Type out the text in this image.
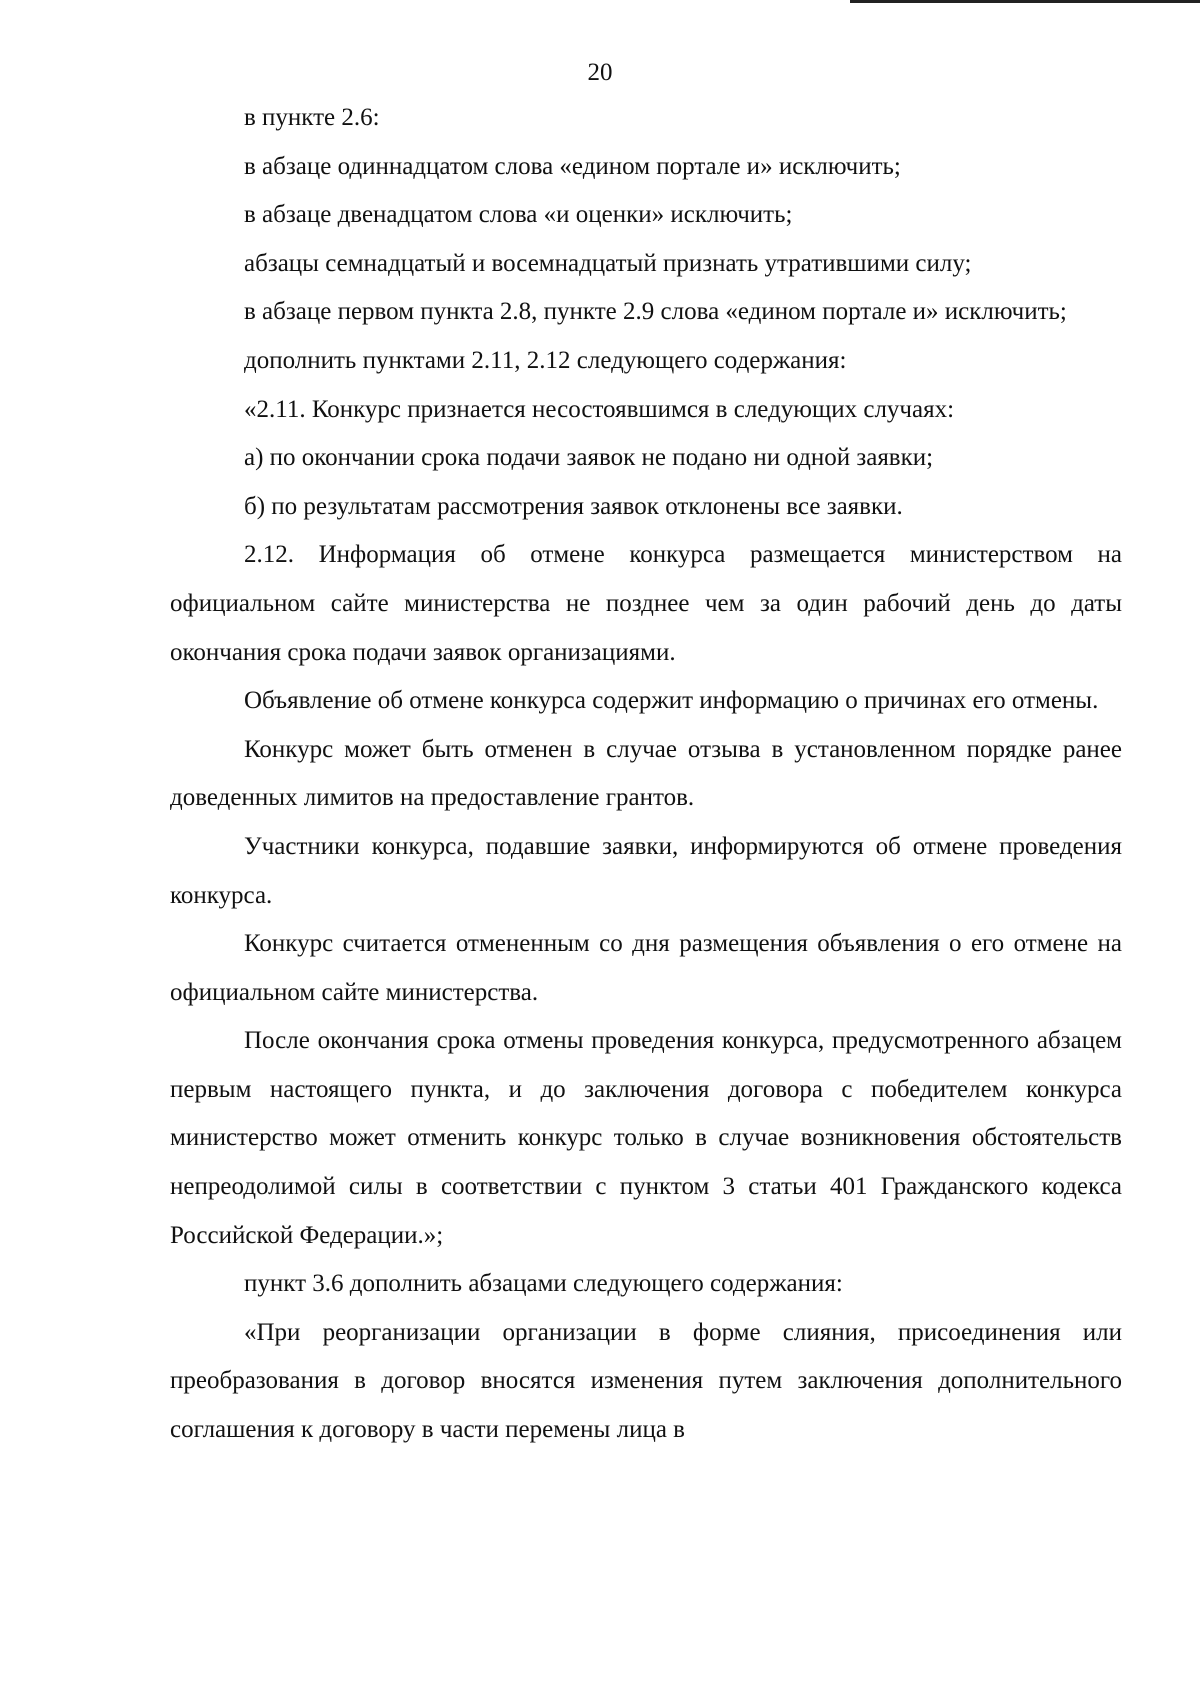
20

в пункте 2.6:

в абзаце одиннадцатом слова «едином портале и» исключить;

в абзаце двенадцатом слова «и оценки» исключить;

абзацы семнадцатый и восемнадцатый признать утратившими силу;

в абзаце первом пункта 2.8, пункте 2.9 слова «едином портале и» исключить;

дополнить пунктами 2.11, 2.12 следующего содержания:

«2.11. Конкурс признается несостоявшимся в следующих случаях:

а) по окончании срока подачи заявок не подано ни одной заявки;

б) по результатам рассмотрения заявок отклонены все заявки.

2.12. Информация об отмене конкурса размещается министерством на официальном сайте министерства не позднее чем за один рабочий день до даты окончания срока подачи заявок организациями.

Объявление об отмене конкурса содержит информацию о причинах его отмены.

Конкурс может быть отменен в случае отзыва в установленном порядке ранее доведенных лимитов на предоставление грантов.

Участники конкурса, подавшие заявки, информируются об отмене проведения конкурса.

Конкурс считается отмененным со дня размещения объявления о его отмене на официальном сайте министерства.

После окончания срока отмены проведения конкурса, предусмотренного абзацем первым настоящего пункта, и до заключения договора с победителем конкурса министерство может отменить конкурс только в случае возникновения обстоятельств непреодолимой силы в соответствии с пунктом 3 статьи 401 Гражданского кодекса Российской Федерации.»;

пункт 3.6 дополнить абзацами следующего содержания:

«При реорганизации организации в форме слияния, присоединения или преобразования в договор вносятся изменения путем заключения дополнительного соглашения к договору в части перемены лица в
